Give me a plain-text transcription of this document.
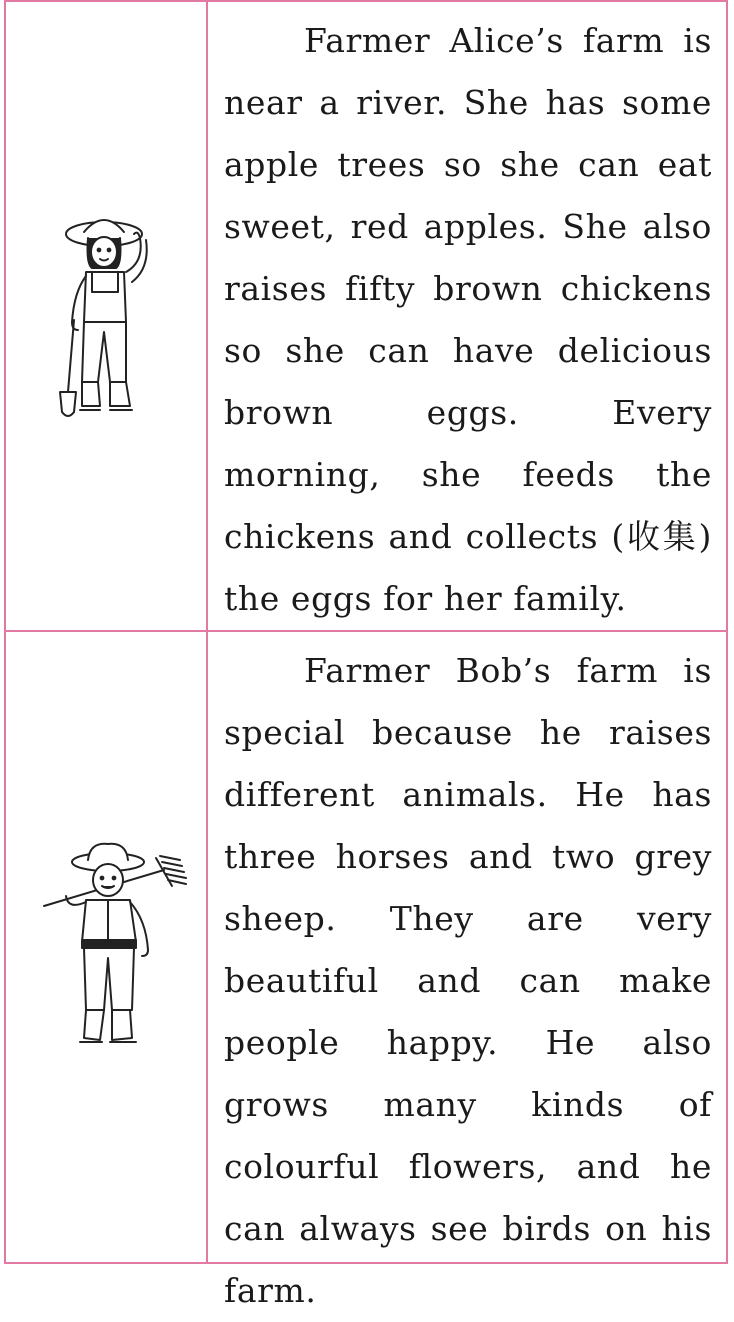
Farmer Alice’s farm is near a river. She has some apple trees so she can eat sweet, red apples. She also raises fifty brown chickens so she can have delicious brown eggs. Every morning, she feeds the chickens and collects (收集) the eggs for her family.

Farmer Bob’s farm is special because he raises different animals. He has three horses and two grey sheep. They are very beautiful and can make people happy. He also grows many kinds of colourful flowers, and he can always see birds on his farm.
